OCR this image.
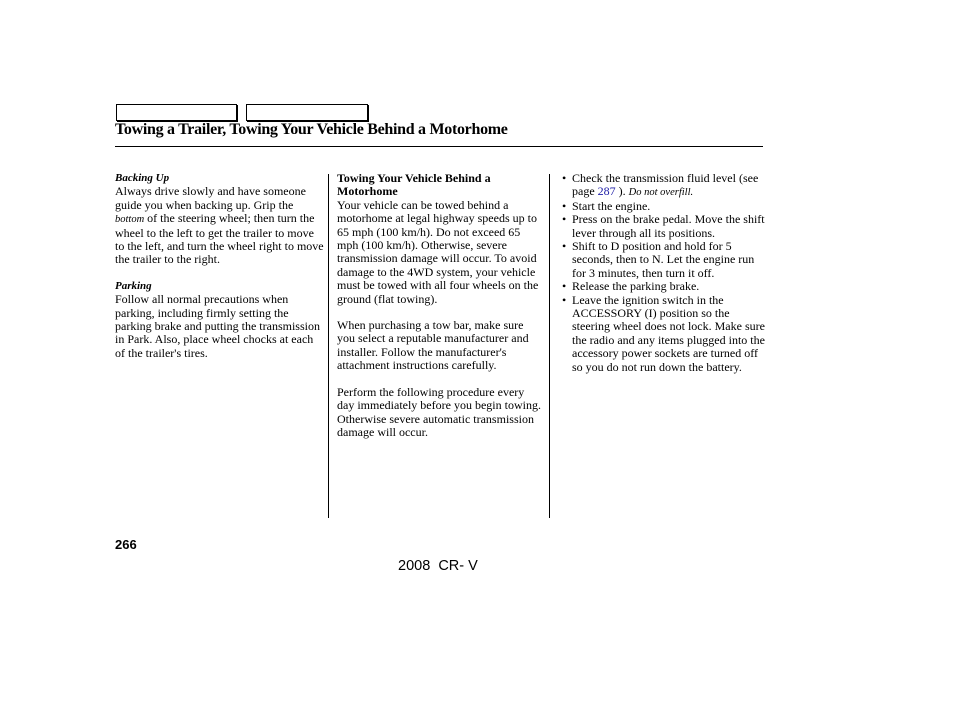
Towing a Trailer, Towing Your Vehicle Behind a Motorhome
Backing Up

Always drive slowly and have someone guide you when backing up. Grip the bottom of the steering wheel; then turn the wheel to the left to get the trailer to move to the left, and turn the wheel right to move the trailer to the right.

Parking

Follow all normal precautions when parking, including firmly setting the parking brake and putting the transmission in Park. Also, place wheel chocks at each of the trailer's tires.

Towing Your Vehicle Behind a Motorhome

Your vehicle can be towed behind a motorhome at legal highway speeds up to 65 mph (100 km/h). Do not exceed 65 mph (100 km/h). Otherwise, severe transmission damage will occur. To avoid damage to the 4WD system, your vehicle must be towed with all four wheels on the ground (flat towing).

When purchasing a tow bar, make sure you select a reputable manufacturer and installer. Follow the manufacturer's attachment instructions carefully.

Perform the following procedure every day immediately before you begin towing. Otherwise severe automatic transmission damage will occur.

• Check the transmission fluid level (see page 287 ). Do not overfill.
• Start the engine.
• Press on the brake pedal. Move the shift lever through all its positions.
• Shift to D position and hold for 5 seconds, then to N. Let the engine run for 3 minutes, then turn it off.
• Release the parking brake.
• Leave the ignition switch in the ACCESSORY (I) position so the steering wheel does not lock. Make sure the radio and any items plugged into the accessory power sockets are turned off so you do not run down the battery.
266
2008  CR- V
